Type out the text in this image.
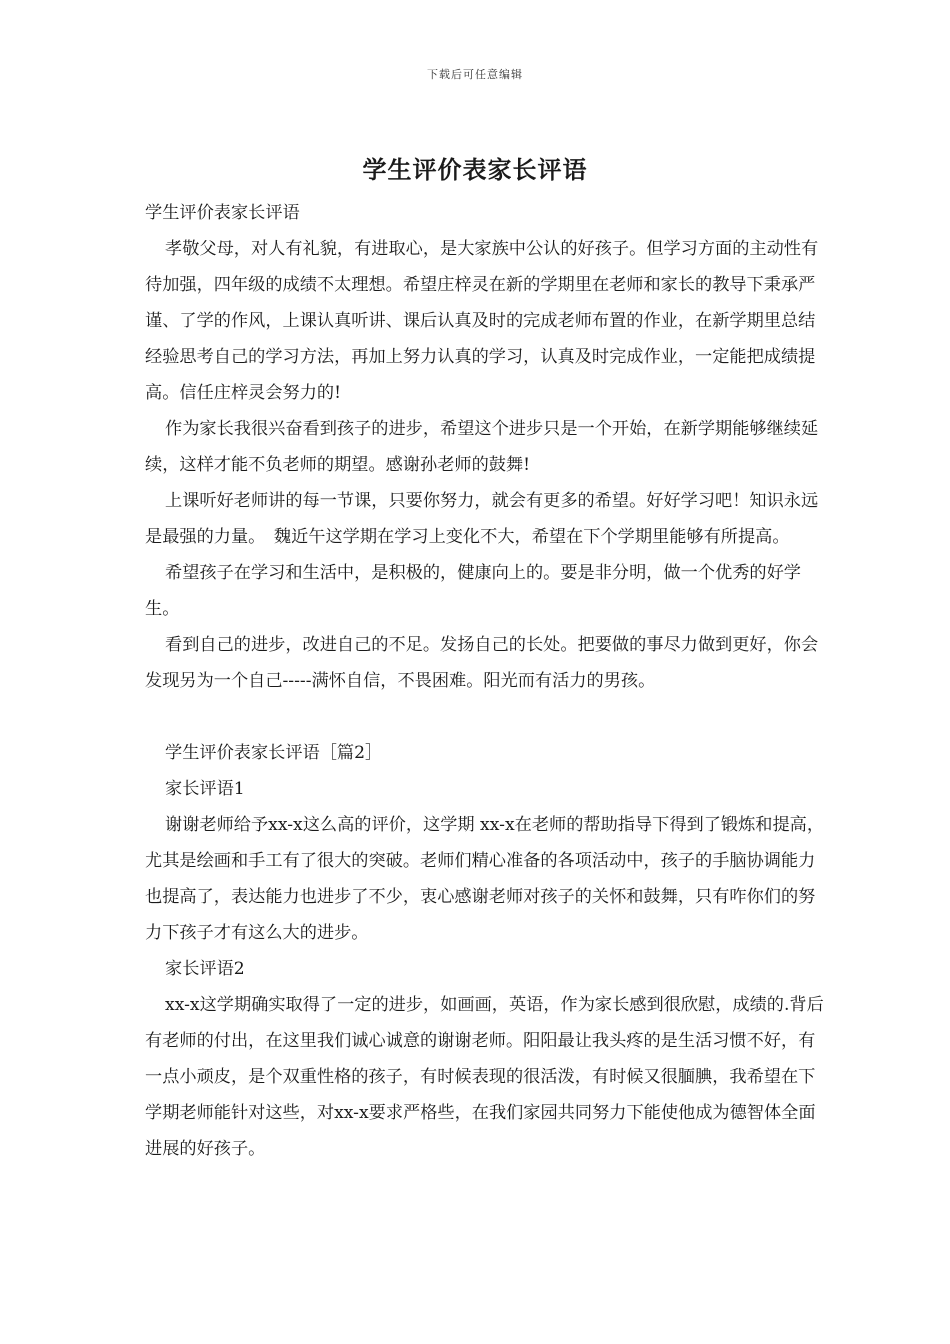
下载后可任意编辑
学生评价表家长评语

学生评价表家长评语

孝敬父母，对人有礼貌，有进取心，是大家族中公认的好孩子。但学习方面的主动性有待加强，四年级的成绩不太理想。希望庄梓灵在新的学期里在老师和家长的教导下秉承严谨、了学的作风，上课认真听讲、课后认真及时的完成老师布置的作业，在新学期里总结经验思考自己的学习方法，再加上努力认真的学习，认真及时完成作业，一定能把成绩提高。信任庄梓灵会努力的!

作为家长我很兴奋看到孩子的进步，希望这个进步只是一个开始，在新学期能够继续延续，这样才能不负老师的期望。感谢孙老师的鼓舞!

上课听好老师讲的每一节课，只要你努力，就会有更多的希望。好好学习吧！知识永远是最强的力量。　魏近午这学期在学习上变化不大，希望在下个学期里能够有所提高。

希望孩子在学习和生活中，是积极的，健康向上的。要是非分明，做一个优秀的好学生。

看到自己的进步，改进自己的不足。发扬自己的长处。把要做的事尽力做到更好，你会发现另为一个自己-----满怀自信，不畏困难。阳光而有活力的男孩。

学生评价表家长评语［篇2］

家长评语1

谢谢老师给予xx-x这么高的评价，这学期 xx-x在老师的帮助指导下得到了锻炼和提高，尤其是绘画和手工有了很大的突破。老师们精心准备的各项活动中，孩子的手脑协调能力也提高了，表达能力也进步了不少，衷心感谢老师对孩子的关怀和鼓舞，只有咋你们的努力下孩子才有这么大的进步。

家长评语2

xx-x这学期确实取得了一定的进步，如画画，英语，作为家长感到很欣慰，成绩的.背后有老师的付出，在这里我们诚心诚意的谢谢老师。阳阳最让我头疼的是生活习惯不好，有一点小顽皮，是个双重性格的孩子，有时候表现的很活泼，有时候又很腼腆，我希望在下学期老师能针对这些，对xx-x要求严格些，在我们家园共同努力下能使他成为德智体全面进展的好孩子。
